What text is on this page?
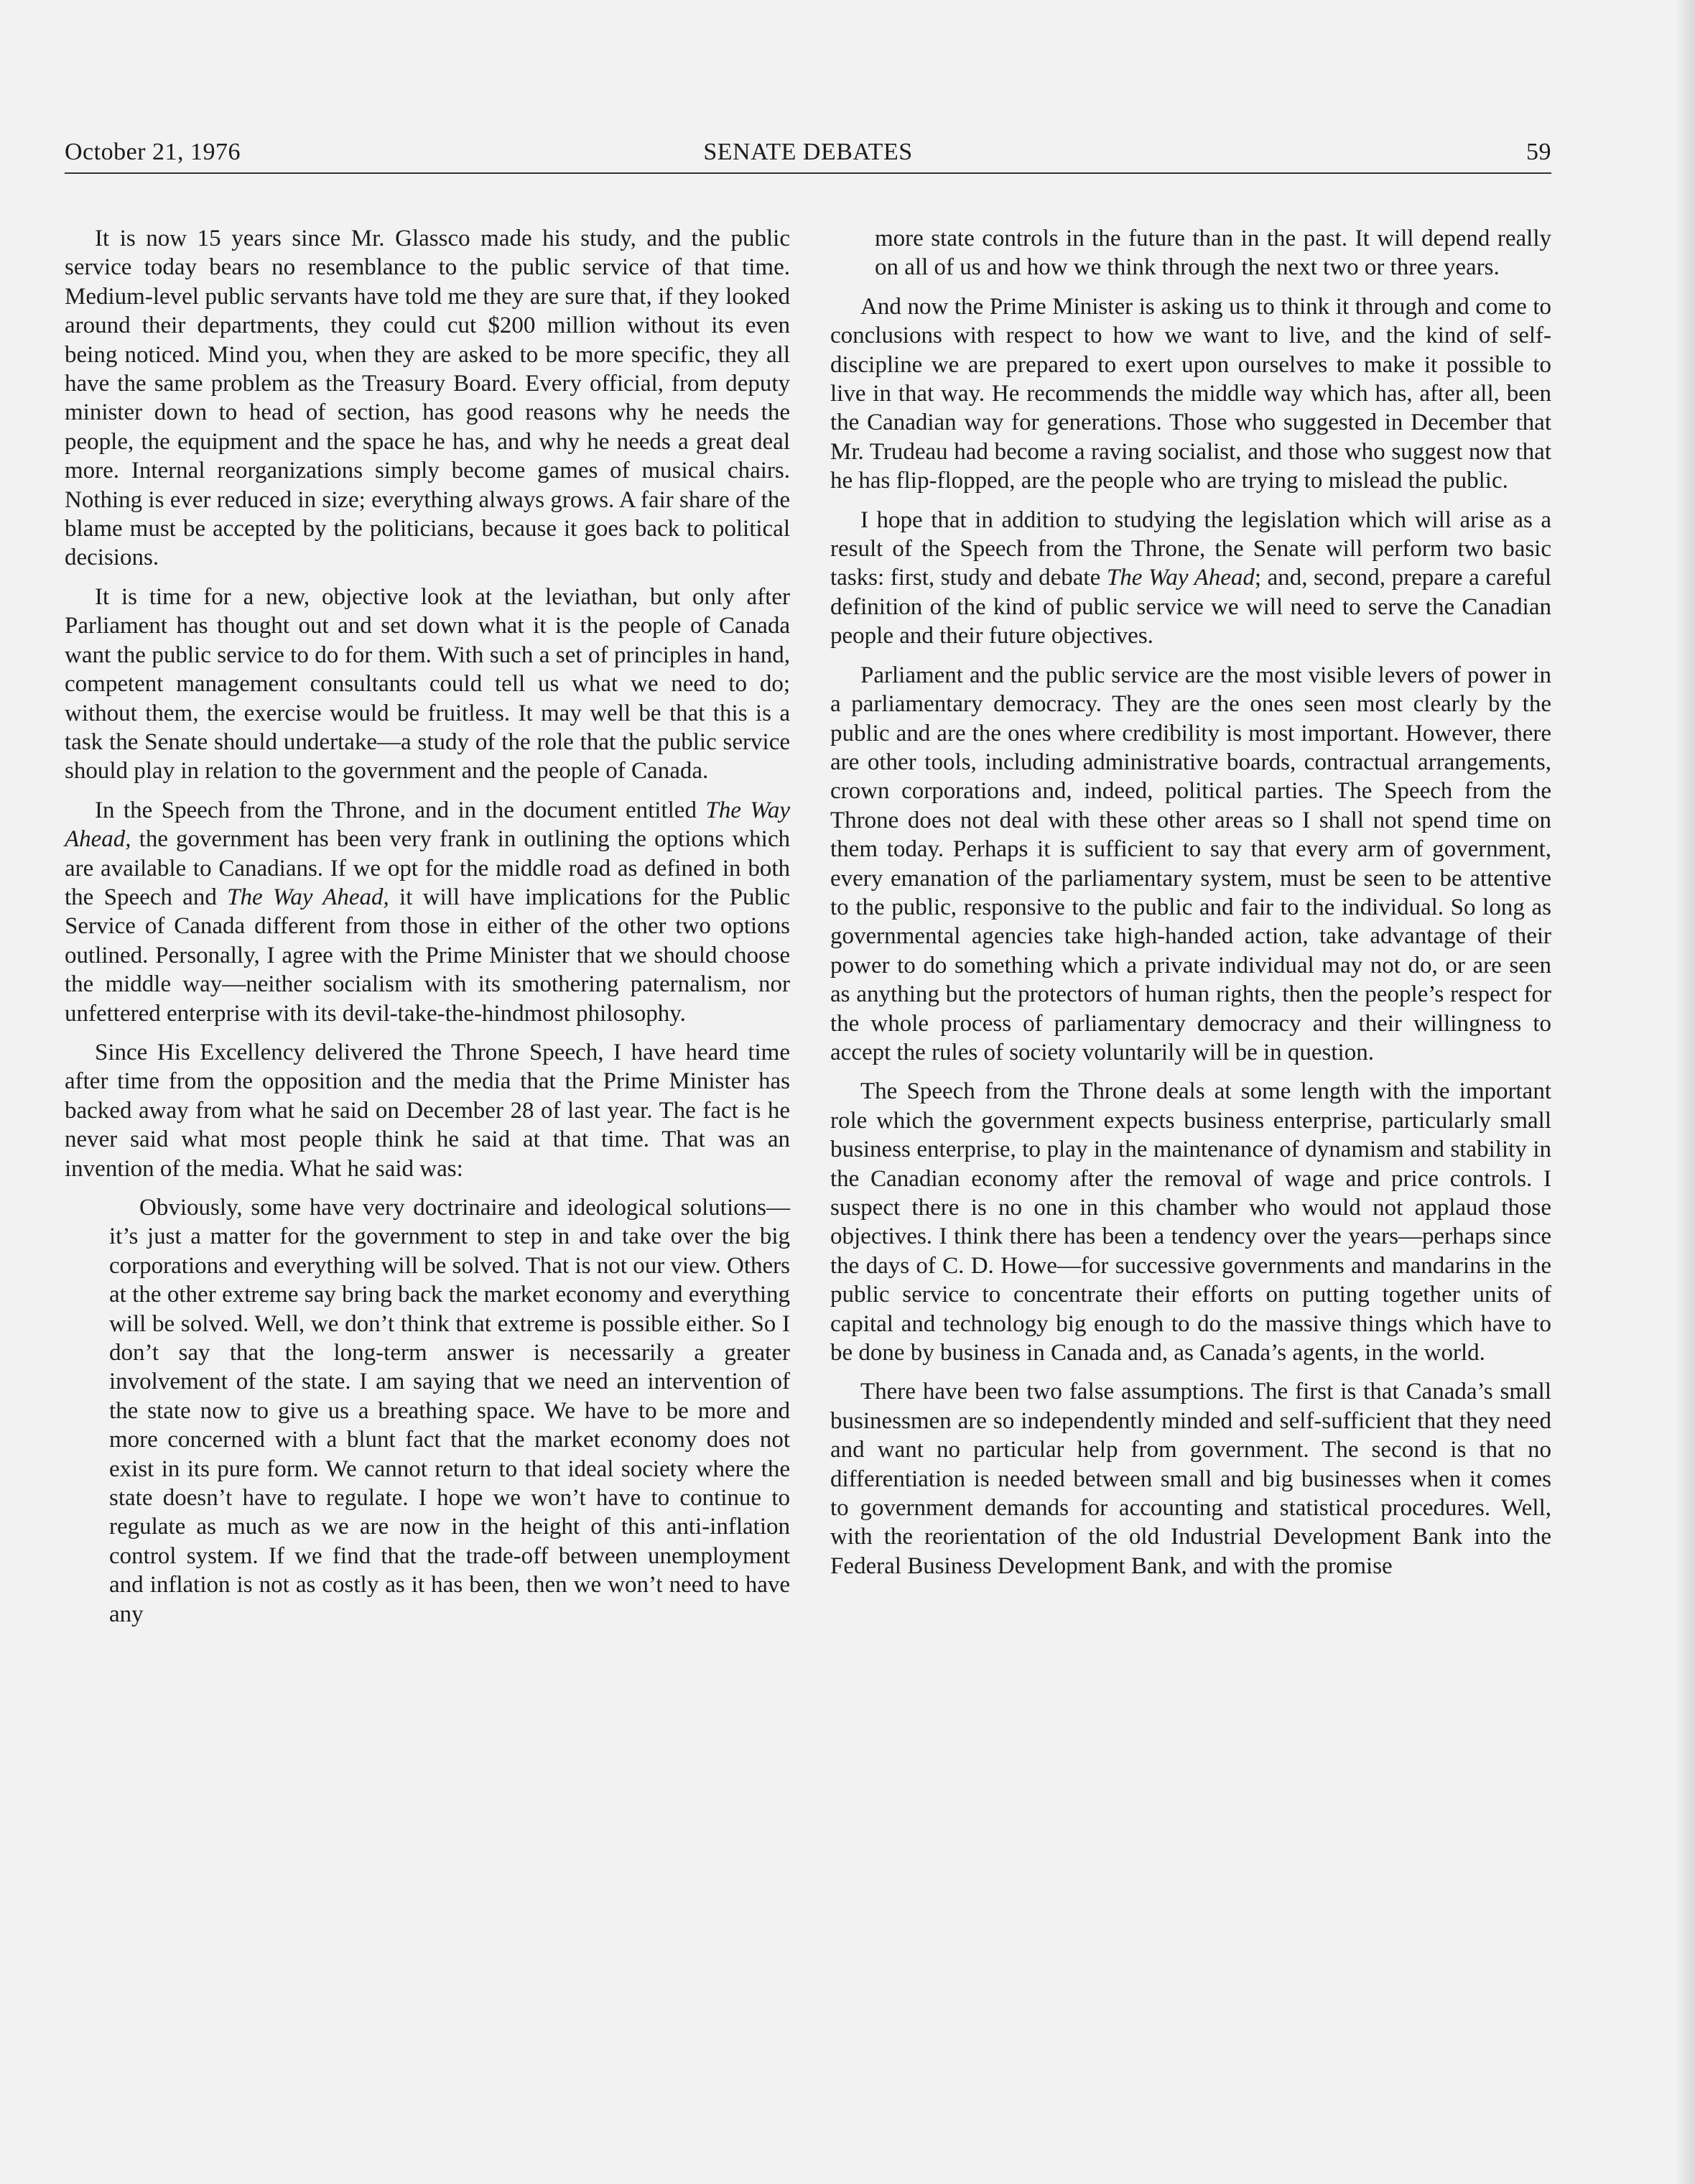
October 21, 1976	SENATE DEBATES	59

It is now 15 years since Mr. Glassco made his study, and the public service today bears no resemblance to the public service of that time. Medium-level public servants have told me they are sure that, if they looked around their departments, they could cut $200 million without its even being noticed. Mind you, when they are asked to be more specific, they all have the same problem as the Treasury Board. Every official, from deputy minister down to head of section, has good reasons why he needs the people, the equipment and the space he has, and why he needs a great deal more. Internal reorganizations simply become games of musical chairs. Nothing is ever reduced in size; everything always grows. A fair share of the blame must be accepted by the politicians, because it goes back to political decisions.

It is time for a new, objective look at the leviathan, but only after Parliament has thought out and set down what it is the people of Canada want the public service to do for them. With such a set of principles in hand, competent management consultants could tell us what we need to do; without them, the exercise would be fruitless. It may well be that this is a task the Senate should undertake—a study of the role that the public service should play in relation to the government and the people of Canada.

In the Speech from the Throne, and in the document entitled The Way Ahead, the government has been very frank in outlining the options which are available to Canadians. If we opt for the middle road as defined in both the Speech and The Way Ahead, it will have implications for the Public Service of Canada different from those in either of the other two options outlined. Personally, I agree with the Prime Minister that we should choose the middle way—neither socialism with its smothering paternalism, nor unfettered enterprise with its devil-take-the-hindmost philosophy.

Since His Excellency delivered the Throne Speech, I have heard time after time from the opposition and the media that the Prime Minister has backed away from what he said on December 28 of last year. The fact is he never said what most people think he said at that time. That was an invention of the media. What he said was:

Obviously, some have very doctrinaire and ideological solutions—it’s just a matter for the government to step in and take over the big corporations and everything will be solved. That is not our view. Others at the other extreme say bring back the market economy and everything will be solved. Well, we don’t think that extreme is possible either. So I don’t say that the long-term answer is necessarily a greater involvement of the state. I am saying that we need an intervention of the state now to give us a breathing space. We have to be more and more concerned with a blunt fact that the market economy does not exist in its pure form. We cannot return to that ideal society where the state doesn’t have to regulate. I hope we won’t have to continue to regulate as much as we are now in the height of this anti-inflation control system. If we find that the trade-off between unemployment and inflation is not as costly as it has been, then we won’t need to have any

more state controls in the future than in the past. It will depend really on all of us and how we think through the next two or three years.

And now the Prime Minister is asking us to think it through and come to conclusions with respect to how we want to live, and the kind of self-discipline we are prepared to exert upon ourselves to make it possible to live in that way. He recommends the middle way which has, after all, been the Canadian way for generations. Those who suggested in December that Mr. Trudeau had become a raving socialist, and those who suggest now that he has flip-flopped, are the people who are trying to mislead the public.

I hope that in addition to studying the legislation which will arise as a result of the Speech from the Throne, the Senate will perform two basic tasks: first, study and debate The Way Ahead; and, second, prepare a careful definition of the kind of public service we will need to serve the Canadian people and their future objectives.

Parliament and the public service are the most visible levers of power in a parliamentary democracy. They are the ones seen most clearly by the public and are the ones where credibility is most important. However, there are other tools, including administrative boards, contractual arrangements, crown corporations and, indeed, political parties. The Speech from the Throne does not deal with these other areas so I shall not spend time on them today. Perhaps it is sufficient to say that every arm of government, every emanation of the parliamentary system, must be seen to be attentive to the public, responsive to the public and fair to the individual. So long as governmental agencies take high-handed action, take advantage of their power to do something which a private individual may not do, or are seen as anything but the protectors of human rights, then the people’s respect for the whole process of parliamentary democracy and their willingness to accept the rules of society voluntarily will be in question.

The Speech from the Throne deals at some length with the important role which the government expects business enterprise, particularly small business enterprise, to play in the maintenance of dynamism and stability in the Canadian economy after the removal of wage and price controls. I suspect there is no one in this chamber who would not applaud those objectives. I think there has been a tendency over the years—perhaps since the days of C. D. Howe—for successive governments and mandarins in the public service to concentrate their efforts on putting together units of capital and technology big enough to do the massive things which have to be done by business in Canada and, as Canada’s agents, in the world.

There have been two false assumptions. The first is that Canada’s small businessmen are so independently minded and self-sufficient that they need and want no particular help from government. The second is that no differentiation is needed between small and big businesses when it comes to government demands for accounting and statistical procedures. Well, with the reorientation of the old Industrial Development Bank into the Federal Business Development Bank, and with the promise
